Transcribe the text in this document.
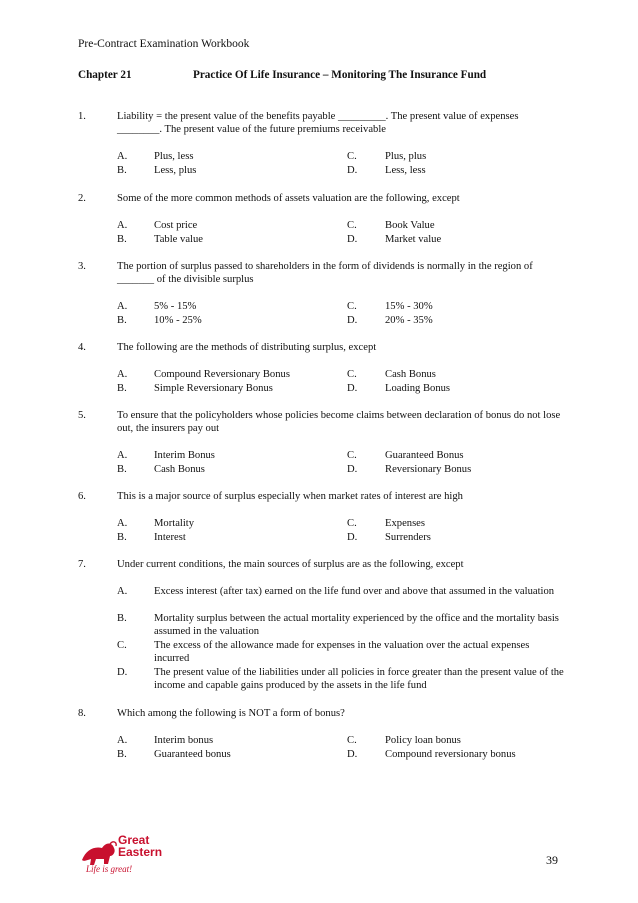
Pre-Contract Examination Workbook
Chapter 21	Practice Of Life Insurance – Monitoring The Insurance Fund
1.	Liability = the present value of the benefits payable _________. The present value of expenses ________. The present value of the future premiums receivable
A.	Plus, less	C.	Plus, plus
B.	Less, plus	D.	Less, less
2.	Some of the more common methods of assets valuation are the following, except
A.	Cost price	C.	Book Value
B.	Table value	D.	Market value
3.	The portion of surplus passed to shareholders in the form of dividends is normally in the region of _______ of the divisible surplus
A.	5% - 15%	C.	15% - 30%
B.	10% - 25%	D.	20% - 35%
4.	The following are the methods of distributing surplus, except
A.	Compound Reversionary Bonus	C.	Cash Bonus
B.	Simple Reversionary Bonus	D.	Loading Bonus
5.	To ensure that the policyholders whose policies become claims between declaration of bonus do not lose out, the insurers pay out
A.	Interim Bonus	C.	Guaranteed Bonus
B.	Cash Bonus	D.	Reversionary Bonus
6.	This is a major source of surplus especially when market rates of interest are high
A.	Mortality	C.	Expenses
B.	Interest	D.	Surrenders
7.	Under current conditions, the main sources of surplus are as the following, except
A.	Excess interest (after tax) earned on the life fund over and above that assumed in the valuation
B.	Mortality surplus between the actual mortality experienced by the office and the mortality basis assumed in the valuation
C.	The excess of the allowance made for expenses in the valuation over the actual expenses incurred
D.	The present value of the liabilities under all policies in force greater than the present value of the income and capable gains produced by the assets in the life fund
8.	Which among the following is NOT a form of bonus?
A.	Interim bonus	C.	Policy loan bonus
B.	Guaranteed bonus	D.	Compound reversionary bonus
Great
Eastern
Life is great!
39
